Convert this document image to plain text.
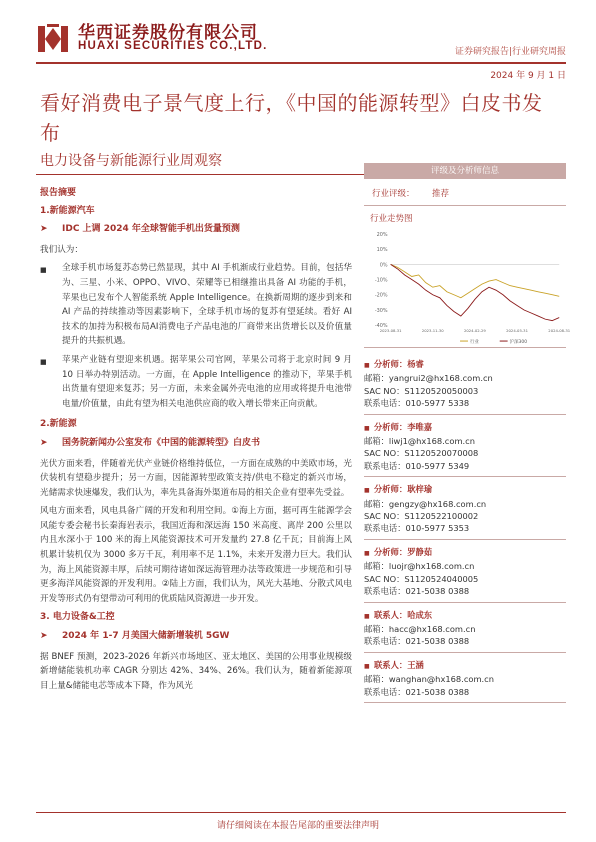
华西证券股份有限公司
HUAXI SECURITIES CO.,LTD.	证券研究报告|行业研究周报
2024 年 9 月 1 日
看好消费电子景气度上行，《中国的能源转型》白皮书发布
电力设备与新能源行业周观察
报告摘要
1.新能源汽车
➤	IDC 上调 2024 年全球智能手机出货量预测
我们认为：
■	全球手机市场复苏态势已然显现，其中 AI 手机渐成行业趋势。目前，包括华为、三星、小米、OPPO、VIVO、荣耀等已相继推出具备 AI 功能的手机，苹果也已发布个人智能系统 Apple Intelligence。在换新周期的逐步到来和 AI 产品的持续推动等因素影响下，全球手机市场的复苏有望延续。看好 AI 技术的加持为积极布局AI消费电子产品电池的厂商带来出货增长以及价值量提升的共振机遇。
■	苹果产业链有望迎来机遇。据苹果公司官网，苹果公司将于北京时间 9 月 10 日举办特别活动。一方面，在 Apple Intelligence 的推动下，苹果手机出货量有望迎来复苏；另一方面，未来金属外壳电池的应用或将提升电池带电量/价值量，由此有望为相关电池供应商的收入增长带来正向贡献。
2.新能源
➤	国务院新闻办公室发布《中国的能源转型》白皮书
光伏方面来看，伴随着光伏产业链价格维持低位，一方面在成熟的中美欧市场，光伏装机有望稳步提升；另一方面，因能源转型政策支持/供电不稳定的新兴市场，光储需求快速爆发，我们认为，率先具备海外渠道布局的相关企业有望率先受益。
风电方面来看，风电具备广阔的开发和利用空间。①海上方面，据可再生能源学会风能专委会秘书长秦海岩表示，我国近海和深远海 150 米高度、离岸 200 公里以内且水深小于 100 米的海上风能资源技术可开发量约 27.8 亿千瓦；目前海上风机累计装机仅为 3000 多万千瓦，利用率不足 1.1%，未来开发潜力巨大。我们认为，海上风能资源丰厚，后续可期待诸如深远海管理办法等政策进一步规范和引导更多海洋风能资源的开发利用。②陆上方面，我们认为，风光大基地、分散式风电开发等形式仍有望带动可利用的优质陆风资源进一步开发。
3. 电力设备&工控
➤	2024 年 1-7 月美国大储新增装机 5GW
据 BNEF 预测，2023-2026 年新兴市场地区、亚太地区、美国的公用事业规模级新增储能装机功率 CAGR 分别达 42%、34%、26%。我们认为，随着新能源项目上量&储能电芯等成本下降，作为风光
评级及分析师信息
行业评级：	推荐
行业走势图
20%
10%
0%
-10%
-20%
-30%
-40%
2023-08-31	2023-11-30	2024-02-29	2024-05-31	2024-08-31
行业	沪深300
■ 分析师：杨睿
邮箱：yangrui2@hx168.com.cn
SAC NO：S1120520050003
联系电话：010-5977 5338
■ 分析师：李唯嘉
邮箱：liwj1@hx168.com.cn
SAC NO：S1120520070008
联系电话：010-5977 5349
■ 分析师：耿梓瑜
邮箱：gengzy@hx168.com.cn
SAC NO：S1120522100002
联系电话：010-5977 5353
■ 分析师：罗静茹
邮箱：luojr@hx168.com.cn
SAC NO：S1120524040005
联系电话：021-5038 0388
■ 联系人：哈成东
邮箱：hacc@hx168.com.cn
联系电话：021-5038 0388
■ 联系人：王涵
邮箱：wanghan@hx168.com.cn
联系电话：021-5038 0388
请仔细阅读在本报告尾部的重要法律声明
